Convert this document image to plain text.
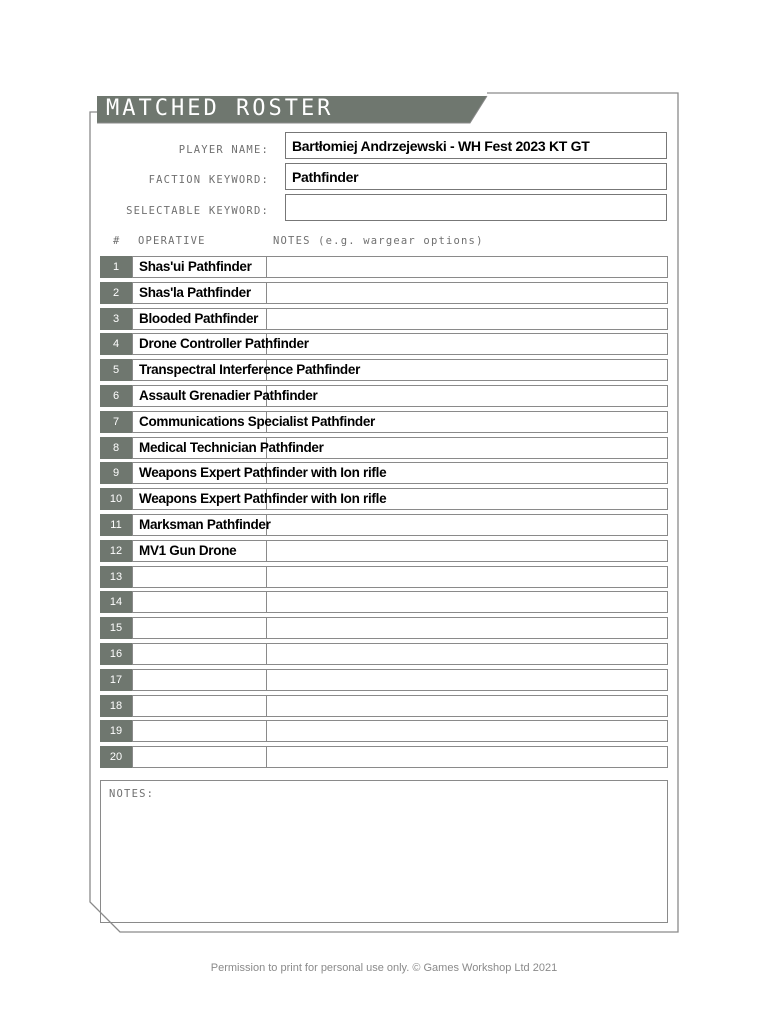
MATCHED ROSTER
PLAYER NAME: Bartłomiej Andrzejewski - WH Fest 2023 KT GT
FACTION KEYWORD: Pathfinder
SELECTABLE KEYWORD:
# OPERATIVE	NOTES (e.g. wargear options)
1	Shas'ui Pathfinder
2	Shas'la Pathfinder
3	Blooded Pathfinder
4	Drone Controller Pathfinder
5	Transpectral Interference Pathfinder
6	Assault Grenadier Pathfinder
7	Communications Specialist Pathfinder
8	Medical Technician Pathfinder
9	Weapons Expert Pathfinder with Ion rifle
10	Weapons Expert Pathfinder with Ion rifle
11	Marksman Pathfinder
12	MV1 Gun Drone
13
14
15
16
17
18
19
20
NOTES:
Permission to print for personal use only. © Games Workshop Ltd 2021
